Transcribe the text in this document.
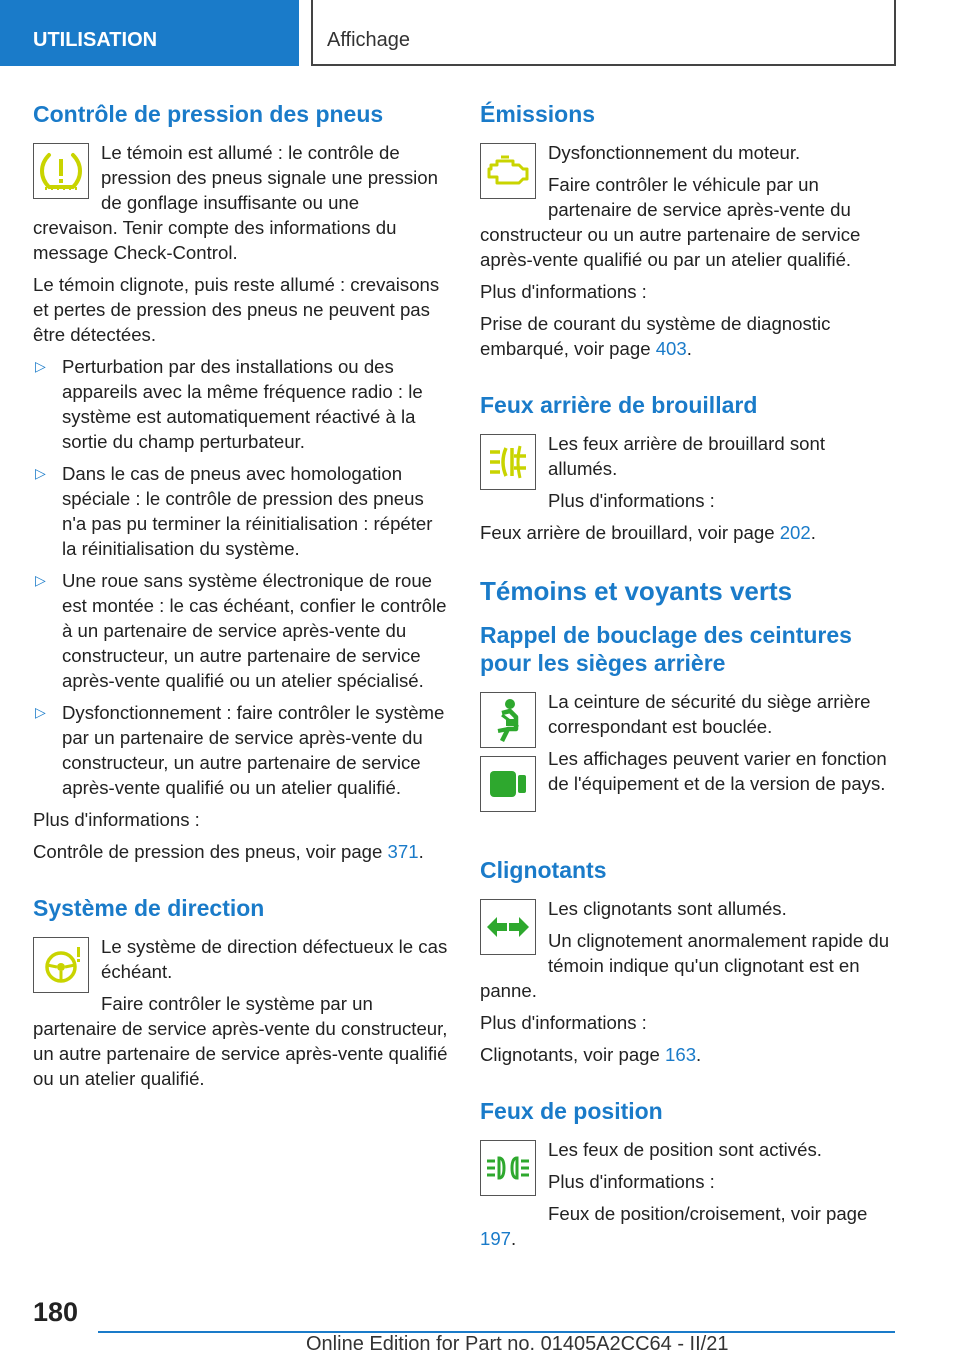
UTILISATION	Affichage
Contrôle de pression des pneus

Le témoin est allumé : le contrôle de pression des pneus signale une pression de gonflage insuffisante ou une crevaison. Tenir compte des informations du message Check-Control.

Le témoin clignote, puis reste allumé : crevaisons et pertes de pression des pneus ne peuvent pas être détectées.

▷ Perturbation par des installations ou des appareils avec la même fréquence radio : le système est automatiquement réactivé à la sortie du champ perturbateur.
▷ Dans le cas de pneus avec homologation spéciale : le contrôle de pression des pneus n'a pas pu terminer la réinitialisation : répéter la réinitialisation du système.
▷ Une roue sans système électronique de roue est montée : le cas échéant, confier le contrôle à un partenaire de service après-vente du constructeur, un autre partenaire de service après-vente qualifié ou un atelier spécialisé.
▷ Dysfonctionnement : faire contrôler le système par un partenaire de service après-vente du constructeur, un autre partenaire de service après-vente qualifié ou un atelier qualifié.

Plus d'informations :

Contrôle de pression des pneus, voir page 371.

Système de direction

Le système de direction défectueux le cas échéant.

Faire contrôler le système par un partenaire de service après-vente du constructeur, un autre partenaire de service après-vente qualifié ou un atelier qualifié.

Émissions

Dysfonctionnement du moteur.

Faire contrôler le véhicule par un partenaire de service après-vente du constructeur ou un autre partenaire de service après-vente qualifié ou par un atelier qualifié.

Plus d'informations :

Prise de courant du système de diagnostic embarqué, voir page 403.

Feux arrière de brouillard

Les feux arrière de brouillard sont allumés.

Plus d'informations :

Feux arrière de brouillard, voir page 202.

Témoins et voyants verts
Rappel de bouclage des ceintures pour les sièges arrière

La ceinture de sécurité du siège arrière correspondant est bouclée.

Les affichages peuvent varier en fonction de l'équipement et de la version de pays.

Clignotants

Les clignotants sont allumés.

Un clignotement anormalement rapide du témoin indique qu'un clignotant est en panne.

Plus d'informations :

Clignotants, voir page 163.

Feux de position

Les feux de position sont activés.

Plus d'informations :

Feux de position/croisement, voir page 197.

180
Online Edition for Part no. 01405A2CC64 - II/21
